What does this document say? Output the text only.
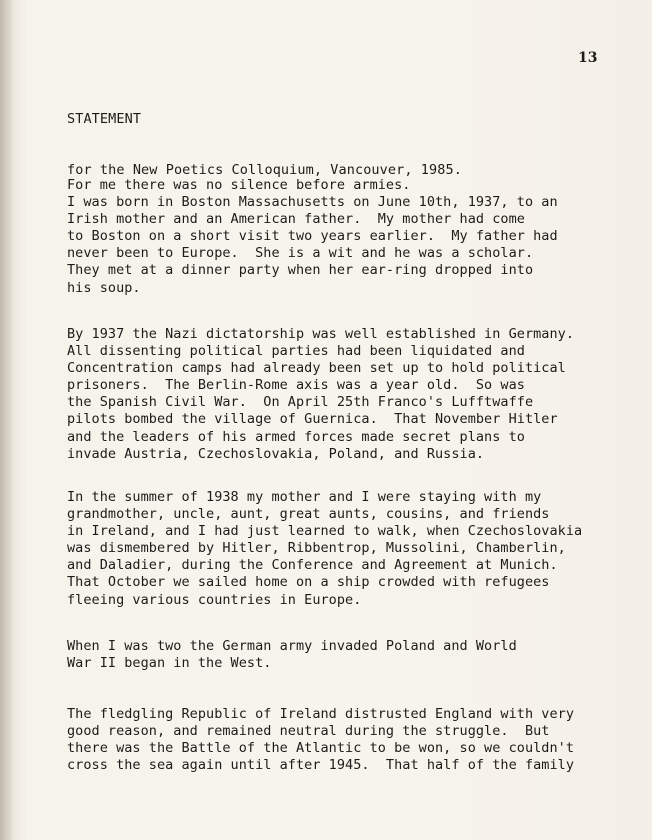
13

STATEMENT

for the New Poetics Colloquium, Vancouver, 1985.

For me there was no silence before armies.
I was born in Boston Massachusetts on June 10th, 1937, to an
Irish mother and an American father.  My mother had come
to Boston on a short visit two years earlier.  My father had
never been to Europe.  She is a wit and he was a scholar.
They met at a dinner party when her ear-ring dropped into
his soup.
By 1937 the Nazi dictatorship was well established in Germany.
All dissenting political parties had been liquidated and
Concentration camps had already been set up to hold political
prisoners.  The Berlin-Rome axis was a year old.  So was
the Spanish Civil War.  On April 25th Franco's Lufftwaffe
pilots bombed the village of Guernica.  That November Hitler
and the leaders of his armed forces made secret plans to
invade Austria, Czechoslovakia, Poland, and Russia.
In the summer of 1938 my mother and I were staying with my
grandmother, uncle, aunt, great aunts, cousins, and friends
in Ireland, and I had just learned to walk, when Czechoslovakia
was dismembered by Hitler, Ribbentrop, Mussolini, Chamberlin,
and Daladier, during the Conference and Agreement at Munich.
That October we sailed home on a ship crowded with refugees
fleeing various countries in Europe.
When I was two the German army invaded Poland and World
War II began in the West.
The fledgling Republic of Ireland distrusted England with very
good reason, and remained neutral during the struggle.  But
there was the Battle of the Atlantic to be won, so we couldn't
cross the sea again until after 1945.  That half of the family
